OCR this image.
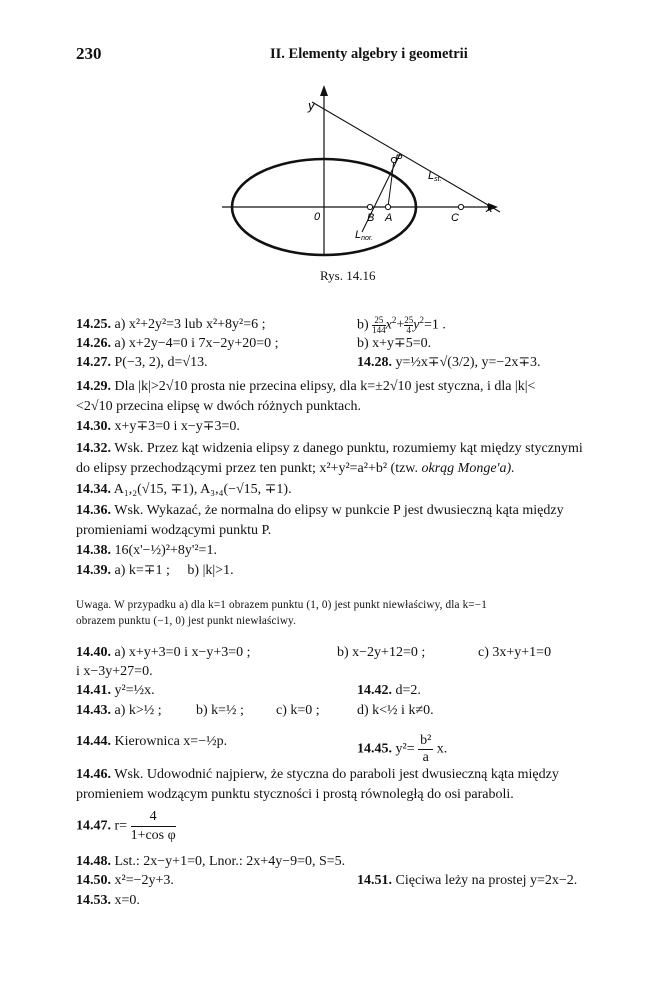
230	II. Elementy algebry i geometrii
y
x
0
P
B A	C
Lst.
Lnor.
Rys. 14.16
14.25. a) x²+2y²=3 lub x²+8y²=6 ;	$b) \frac{25}{144} x^2+ \frac{25}{4} y^2=1$ .
14.26. a) x+2y−4=0 i 7x−2y+20=0 ;	b) x+y∓5=0.
14.27. P(−3, 2), d=√13.	14.28. y=½x∓√(3/2), y=−2x∓3.
14.29. Dla |k|>2√10 prosta nie przecina elipsy, dla k=±2√10 jest styczna, i dla |k|<
<2√10 przecina elipsę w dwóch różnych punktach.
14.30. x+y∓3=0 i x−y∓3=0.
14.32. Wsk. Przez kąt widzenia elipsy z danego punktu, rozumiemy kąt między stycznymi
do elipsy przechodzącymi przez ten punkt; x²+y²=a²+b² (tzw. okrąg Monge'a).
14.34. A₁,₂(√15, ∓1), A₃,₄(−√15, ∓1).
14.36. Wsk. Wykazać, że normalna do elipsy w punkcie P jest dwusieczną kąta między
promieniami wodzącymi punktu P.
14.38. 16(x'−½)²+8y'²=1.
14.39. a) k=∓1 ; b) |k|>1.
Uwaga. W przypadku a) dla k=1 obrazem punktu (1, 0) jest punkt niewłaściwy, dla k=−1
obrazem punktu (−1, 0) jest punkt niewłaściwy.
14.40. a) x+y+3=0 i x−y+3=0 ;	b) x−2y+12=0 ;	c) 3x+y+1=0
i x−3y+27=0.
14.41. y²=½x.	14.42. d=2.
14.43. a) k>½ ; b) k=½ ; c) k=0 ;	d) k<½ i k≠0.
14.44. Kierownica x=−½p.
14.45. $y^2= \frac{\text{b²}}{a} x$.
14.46. Wsk. Udowodnić najpierw, że styczna do paraboli jest dwusieczną kąta między
promieniem wodzącym punktu styczności i prostą równoległą do osi paraboli.
14.47. $r= \frac{4}{\text{1+cos φ}}$
14.48. Lst.: 2x−y+1=0, Lnor.: 2x+4y−9=0, S=5.
14.50. x²=−2y+3.	14.51. Cięciwa leży na prostej y=2x−2.
14.53. x=0.
